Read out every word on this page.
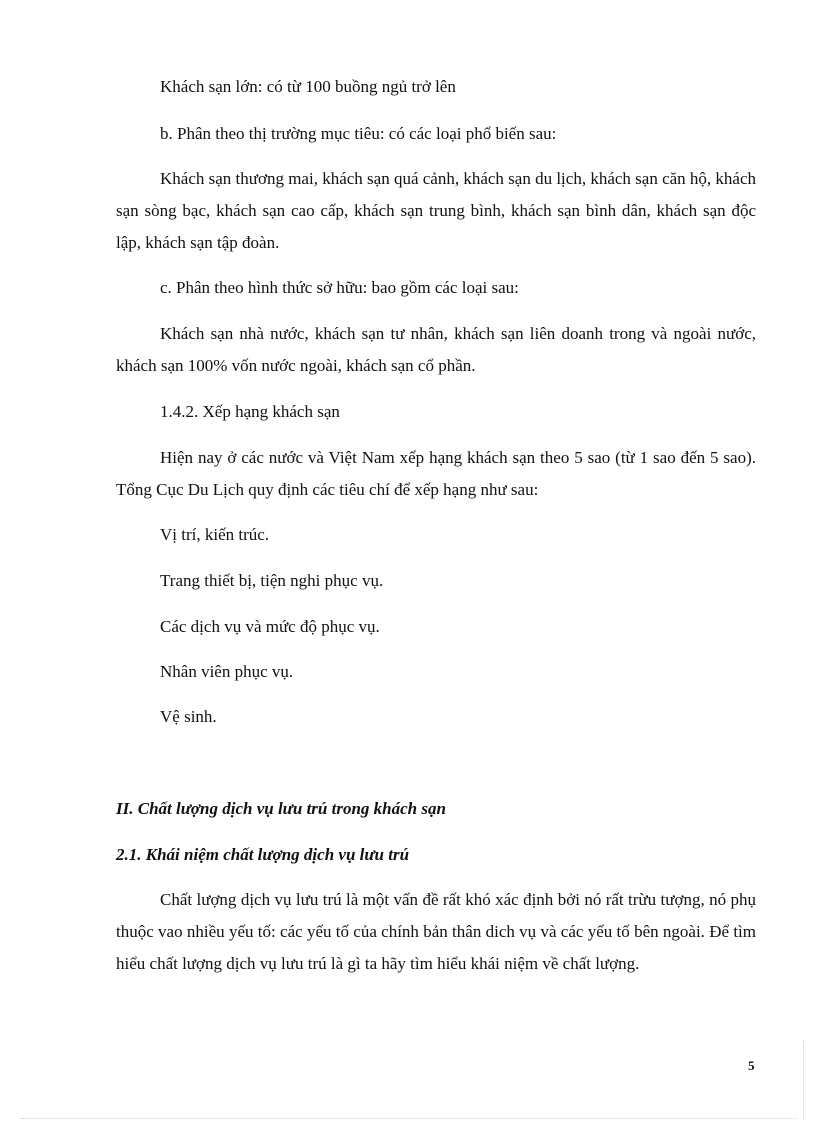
Khách sạn lớn: có từ 100 buồng ngủ trở lên
b. Phân theo thị trường mục tiêu: có các loại phổ biến sau:
Khách sạn thương mai, khách sạn quá cảnh, khách sạn du lịch, khách sạn căn hộ, khách sạn sòng bạc, khách sạn cao cấp, khách sạn trung bình, khách sạn bình dân, khách sạn độc lập, khách sạn tập đoàn.
c. Phân theo hình thức sở hữu: bao gồm các loại sau:
Khách sạn nhà nước, khách sạn tư nhân, khách sạn liên doanh trong và ngoài nước, khách sạn 100% vốn nước ngoài, khách sạn cổ phần.
1.4.2. Xếp hạng khách sạn
Hiện nay ở các nước và Việt Nam xếp hạng khách sạn theo 5 sao (từ 1 sao đến 5 sao). Tổng Cục Du Lịch quy định các tiêu chí để xếp hạng như sau:
Vị trí, kiến trúc.
Trang thiết bị, tiện nghi phục vụ.
Các dịch vụ và mức độ phục vụ.
Nhân viên phục vụ.
Vệ sinh.
II. Chất lượng dịch vụ lưu trú trong khách sạn
2.1. Khái niệm chất lượng dịch vụ lưu trú
Chất lượng dịch vụ lưu trú là một vấn đề rất khó xác định bởi nó rất trừu tượng, nó phụ thuộc vao nhiều yếu tố: các yếu tố của chính bản thân dich vụ và các yếu tố bên ngoài. Để tìm hiểu chất lượng dịch vụ lưu trú là gì ta hãy tìm hiểu khái niệm về chất lượng.
5
